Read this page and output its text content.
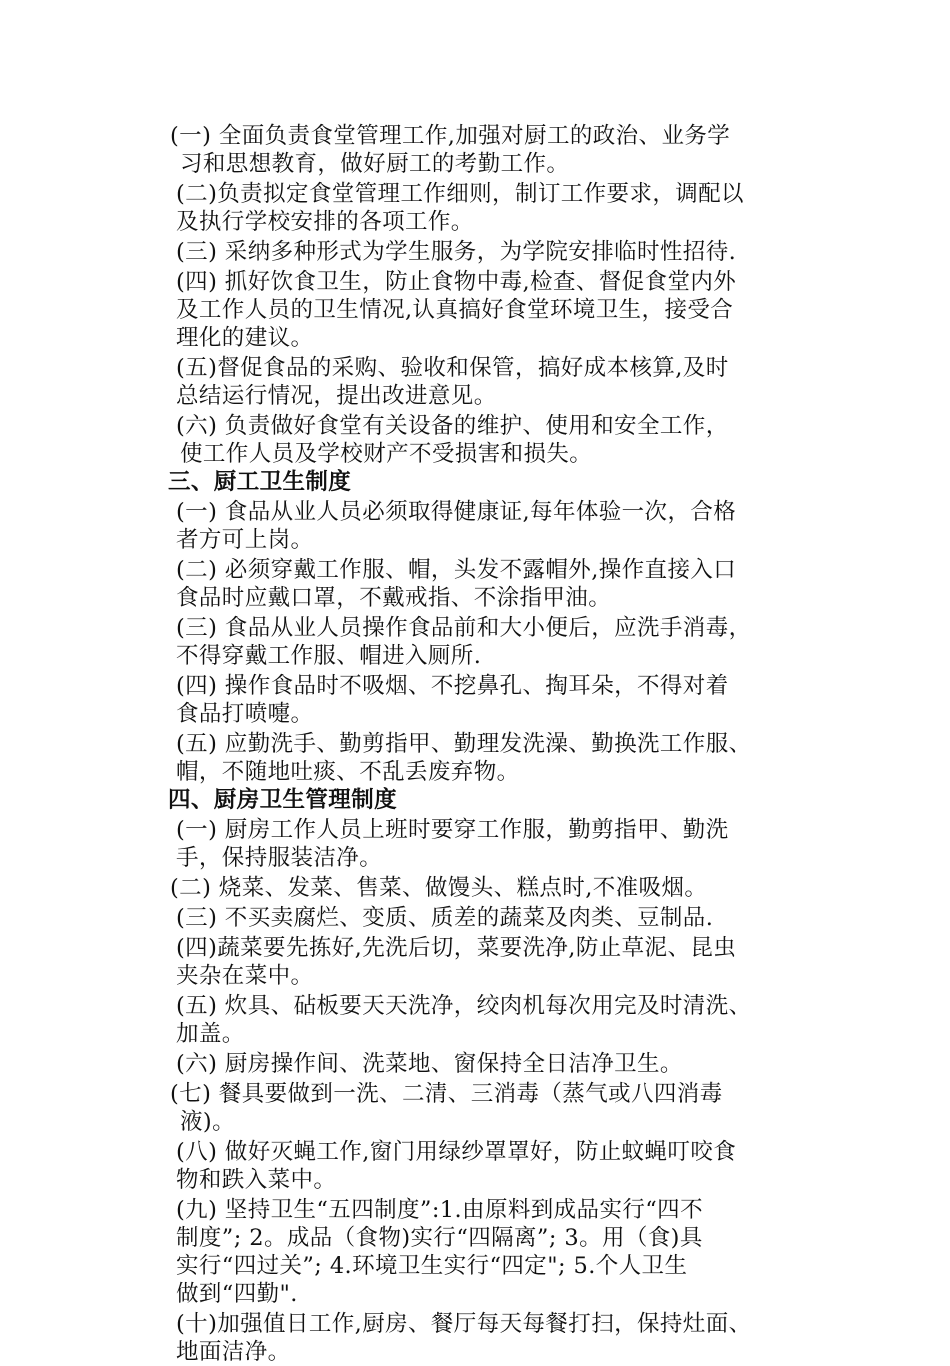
(一) 全面负责食堂管理工作,加强对厨工的政治、业务学
习和思想教育，做好厨工的考勤工作。
(二)负责拟定食堂管理工作细则，制订工作要求，调配以
及执行学校安排的各项工作。
(三) 采纳多种形式为学生服务，为学院安排临时性招待.
(四) 抓好饮食卫生，防止食物中毒,检查、督促食堂内外
及工作人员的卫生情况,认真搞好食堂环境卫生，接受合
理化的建议。
(五)督促食品的采购、验收和保管，搞好成本核算,及时
总结运行情况，提出改进意见。
(六) 负责做好食堂有关设备的维护、使用和安全工作，
使工作人员及学校财产不受损害和损失。
三、厨工卫生制度
(一) 食品从业人员必须取得健康证,每年体验一次，合格
者方可上岗。
(二) 必须穿戴工作服、帽，头发不露帽外,操作直接入口
食品时应戴口罩，不戴戒指、不涂指甲油。
(三) 食品从业人员操作食品前和大小便后，应洗手消毒，
不得穿戴工作服、帽进入厕所.
(四) 操作食品时不吸烟、不挖鼻孔、掏耳朵，不得对着
食品打喷嚏。
(五) 应勤洗手、勤剪指甲、勤理发洗澡、勤换洗工作服、
帽，不随地吐痰、不乱丢废弃物。
四、厨房卫生管理制度
(一) 厨房工作人员上班时要穿工作服，勤剪指甲、勤洗
手，保持服装洁净。
(二) 烧菜、发菜、售菜、做馒头、糕点时,不准吸烟。
(三) 不买卖腐烂、变质、质差的蔬菜及肉类、豆制品.
(四)蔬菜要先拣好,先洗后切，菜要洗净,防止草泥、昆虫
夹杂在菜中。
(五) 炊具、砧板要天天洗净，绞肉机每次用完及时清洗、
加盖。
(六) 厨房操作间、洗菜地、窗保持全日洁净卫生。
(七) 餐具要做到一洗、二清、三消毒（蒸气或八四消毒
液)。
(八) 做好灭蝇工作,窗门用绿纱罩罩好，防止蚊蝇叮咬食
物和跌入菜中。
(九) 坚持卫生“五四制度”:1.由原料到成品实行“四不
制度”; 2。成品（食物)实行“四隔离”; 3。用（食)具
实行“四过关”; 4.环境卫生实行“四定"; 5.个人卫生
做到“四勤".
(十)加强值日工作,厨房、餐厅每天每餐打扫，保持灶面、
地面洁净。
